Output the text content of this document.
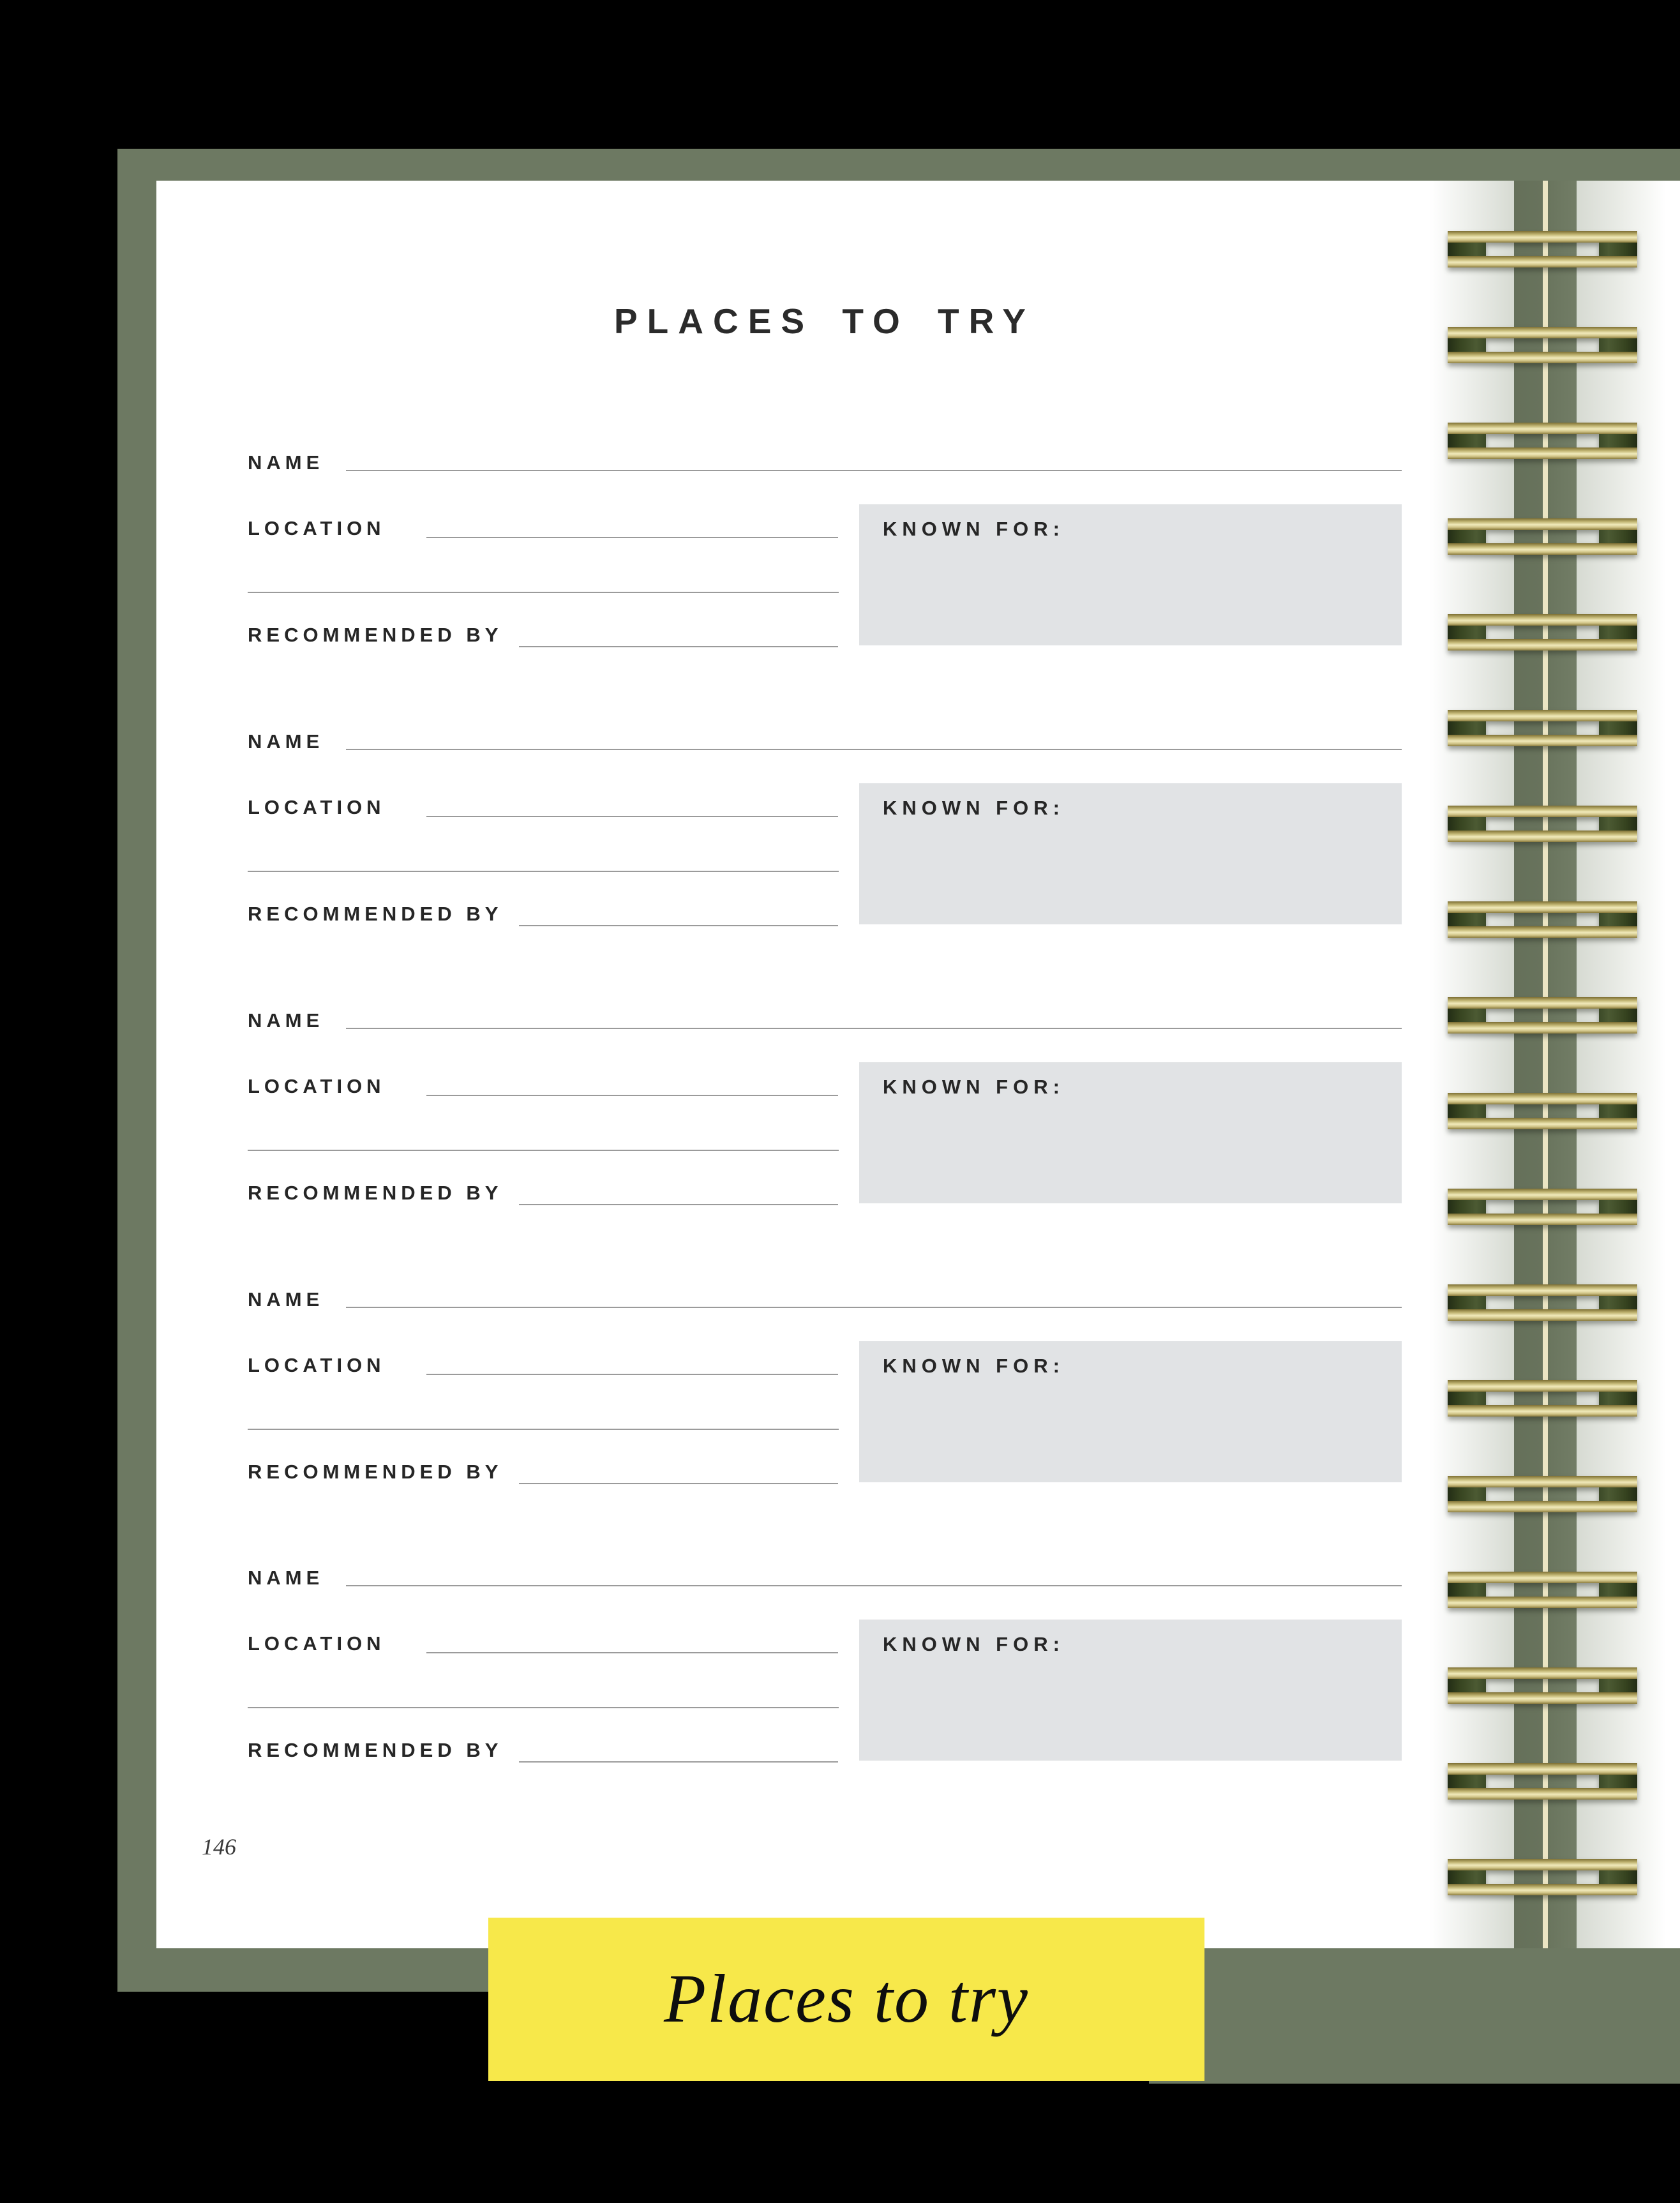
PLACES TO TRY
NAME
LOCATION	KNOWN FOR:
RECOMMENDED BY
NAME
LOCATION	KNOWN FOR:
RECOMMENDED BY
NAME
LOCATION	KNOWN FOR:
RECOMMENDED BY
NAME
LOCATION	KNOWN FOR:
RECOMMENDED BY
NAME
LOCATION	KNOWN FOR:
RECOMMENDED BY
146
Places to try
